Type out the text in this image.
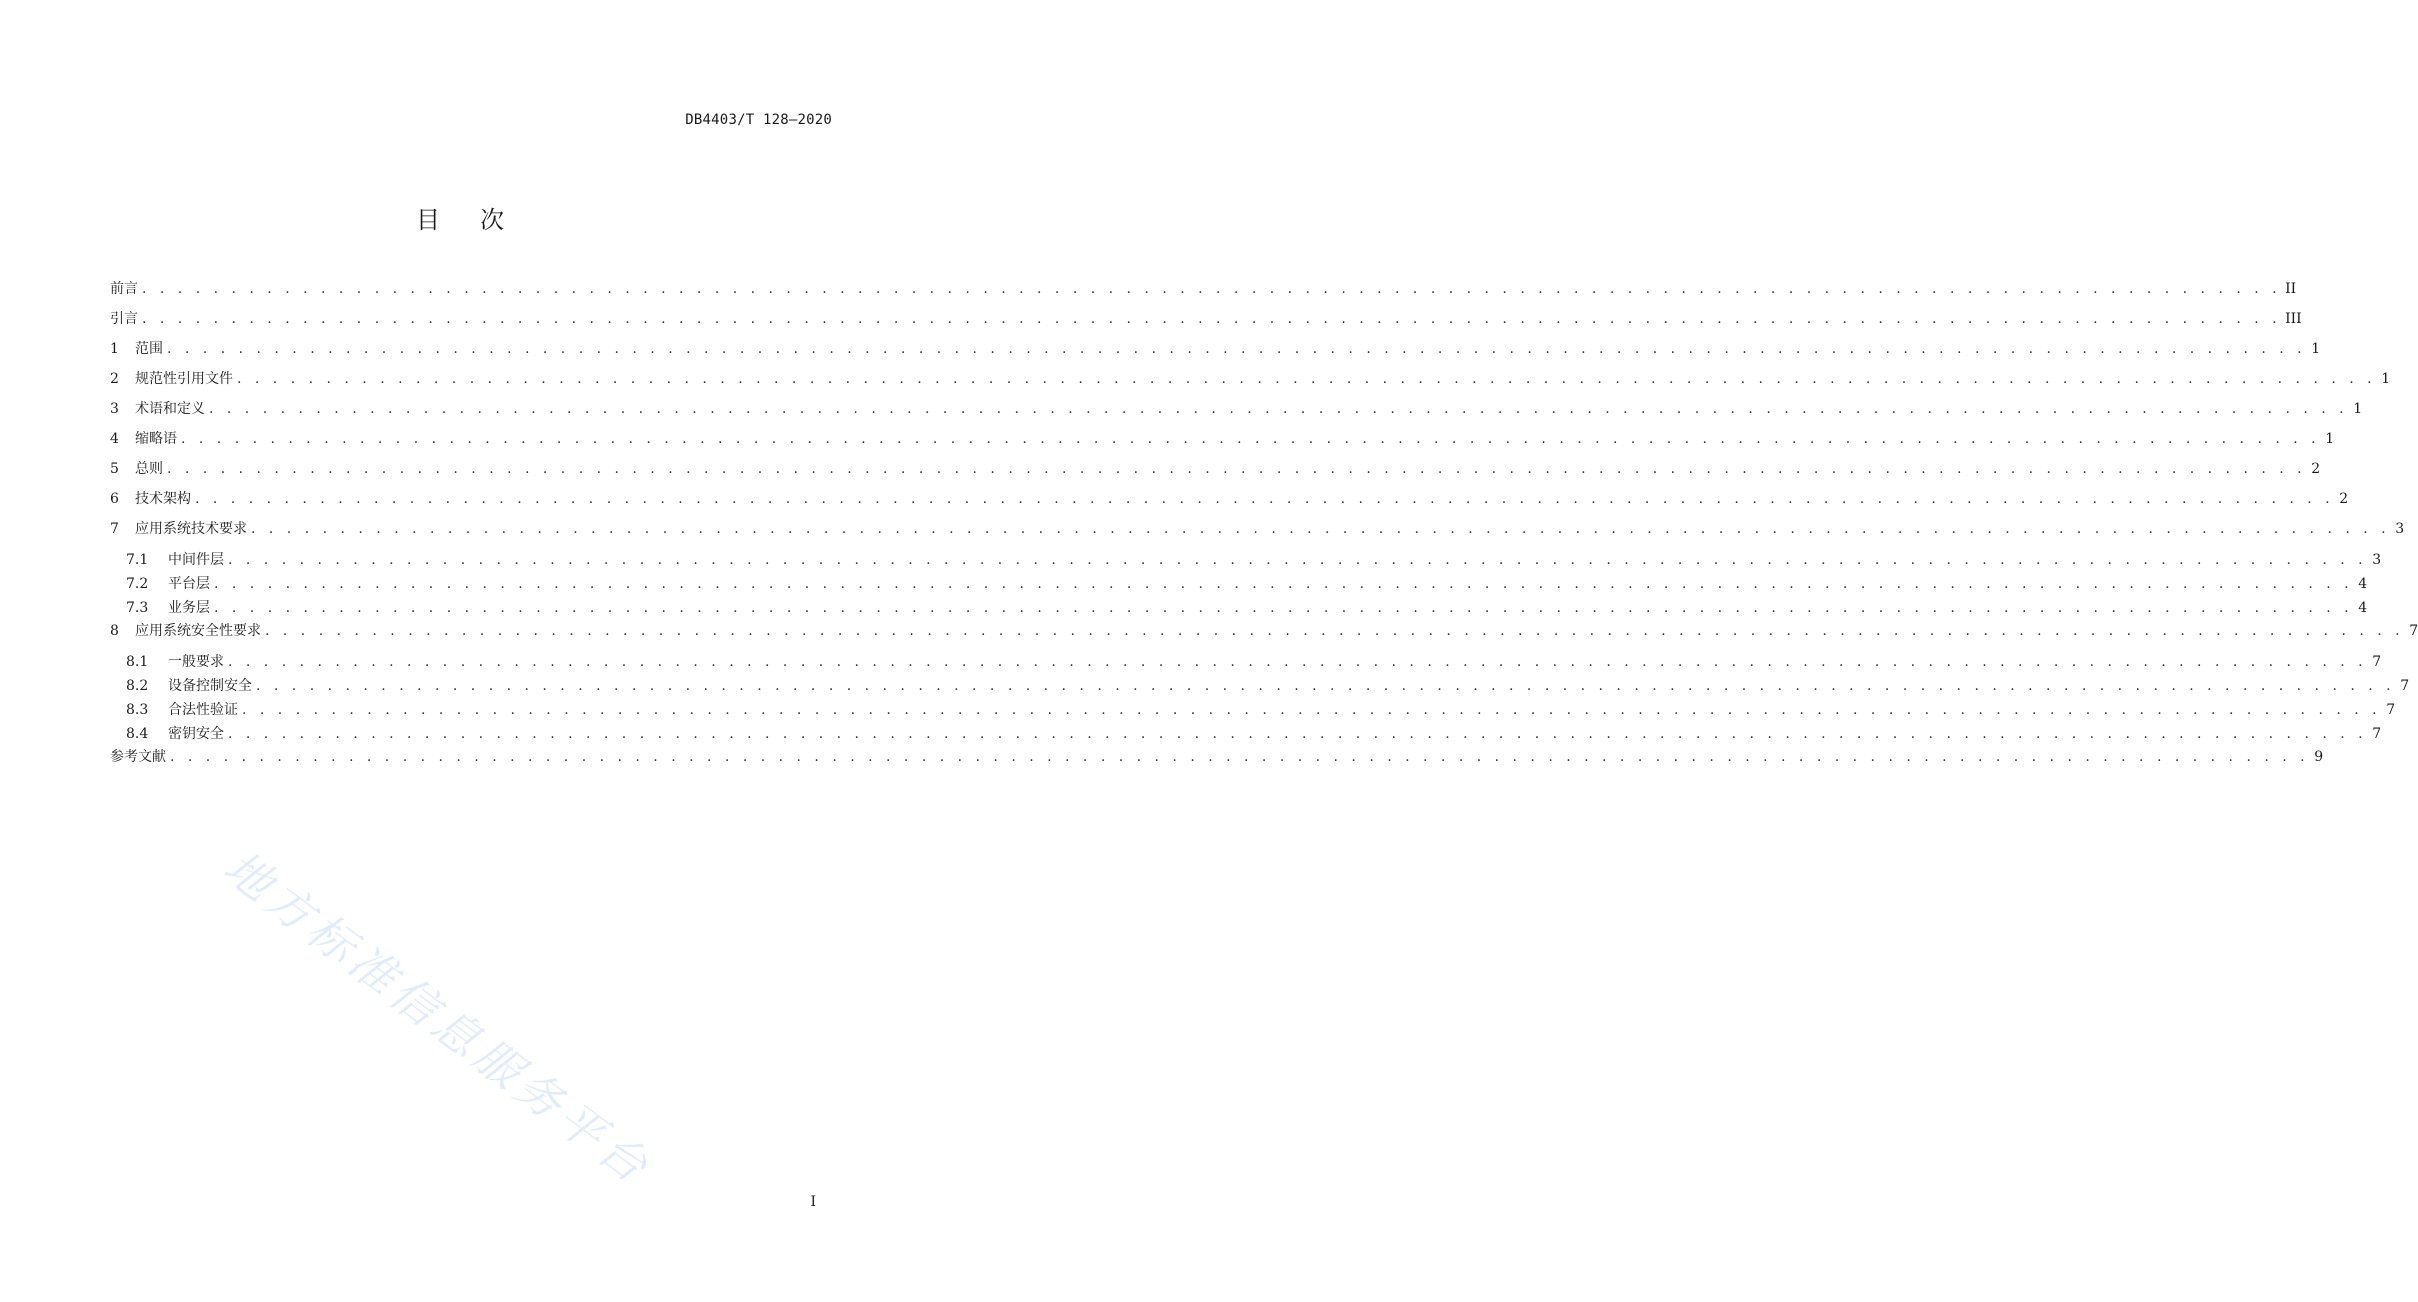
DB4403/T 128—2020
目次
前言 . . . . . . . . . . . . . . . . . . . . . . . . . . . . . . . . . . . . . . . . . . . . . . . . . . . . . . . . . . . . . . . . . . . . . . . . . . . . . . . . . . . . . . . . . . . . . . . . . . . . . . . . . . . . . . . . . . . . . . . . II
引言 . . . . . . . . . . . . . . . . . . . . . . . . . . . . . . . . . . . . . . . . . . . . . . . . . . . . . . . . . . . . . . . . . . . . . . . . . . . . . . . . . . . . . . . . . . . . . . . . . . . . . . . . . . . . . . . . . . . . . . . . III
1	范围 . . . . . . . . . . . . . . . . . . . . . . . . . . . . . . . . . . . . . . . . . . . . . . . . . . . . . . . . . . . . . . . . . . . . . . . . . . . . . . . . . . . . . . . . . . . . . . . . . . . . . . . . . . . . . . . . . . . . . . . . 1
2	规范性引用文件 . . . . . . . . . . . . . . . . . . . . . . . . . . . . . . . . . . . . . . . . . . . . . . . . . . . . . . . . . . . . . . . . . . . . . . . . . . . . . . . . . . . . . . . . . . . . . . . . . . . . . . . . . . . . . . . . . . . . . . . . 1
3	术语和定义 . . . . . . . . . . . . . . . . . . . . . . . . . . . . . . . . . . . . . . . . . . . . . . . . . . . . . . . . . . . . . . . . . . . . . . . . . . . . . . . . . . . . . . . . . . . . . . . . . . . . . . . . . . . . . . . . . . . . . . . . 1
4	缩略语 . . . . . . . . . . . . . . . . . . . . . . . . . . . . . . . . . . . . . . . . . . . . . . . . . . . . . . . . . . . . . . . . . . . . . . . . . . . . . . . . . . . . . . . . . . . . . . . . . . . . . . . . . . . . . . . . . . . . . . . . 1
5	总则 . . . . . . . . . . . . . . . . . . . . . . . . . . . . . . . . . . . . . . . . . . . . . . . . . . . . . . . . . . . . . . . . . . . . . . . . . . . . . . . . . . . . . . . . . . . . . . . . . . . . . . . . . . . . . . . . . . . . . . . . 2
6	技术架构 . . . . . . . . . . . . . . . . . . . . . . . . . . . . . . . . . . . . . . . . . . . . . . . . . . . . . . . . . . . . . . . . . . . . . . . . . . . . . . . . . . . . . . . . . . . . . . . . . . . . . . . . . . . . . . . . . . . . . . . . 2
7	应用系统技术要求 . . . . . . . . . . . . . . . . . . . . . . . . . . . . . . . . . . . . . . . . . . . . . . . . . . . . . . . . . . . . . . . . . . . . . . . . . . . . . . . . . . . . . . . . . . . . . . . . . . . . . . . . . . . . . . . . . . . . . . . . 3
7.1	中间件层 . . . . . . . . . . . . . . . . . . . . . . . . . . . . . . . . . . . . . . . . . . . . . . . . . . . . . . . . . . . . . . . . . . . . . . . . . . . . . . . . . . . . . . . . . . . . . . . . . . . . . . . . . . . . . . . . . . . . . . . . 3
7.2	平台层 . . . . . . . . . . . . . . . . . . . . . . . . . . . . . . . . . . . . . . . . . . . . . . . . . . . . . . . . . . . . . . . . . . . . . . . . . . . . . . . . . . . . . . . . . . . . . . . . . . . . . . . . . . . . . . . . . . . . . . . . 4
7.3	业务层 . . . . . . . . . . . . . . . . . . . . . . . . . . . . . . . . . . . . . . . . . . . . . . . . . . . . . . . . . . . . . . . . . . . . . . . . . . . . . . . . . . . . . . . . . . . . . . . . . . . . . . . . . . . . . . . . . . . . . . . . 4
8	应用系统安全性要求 . . . . . . . . . . . . . . . . . . . . . . . . . . . . . . . . . . . . . . . . . . . . . . . . . . . . . . . . . . . . . . . . . . . . . . . . . . . . . . . . . . . . . . . . . . . . . . . . . . . . . . . . . . . . . . . . . . . . . . . . 7
8.1	一般要求 . . . . . . . . . . . . . . . . . . . . . . . . . . . . . . . . . . . . . . . . . . . . . . . . . . . . . . . . . . . . . . . . . . . . . . . . . . . . . . . . . . . . . . . . . . . . . . . . . . . . . . . . . . . . . . . . . . . . . . . . 7
8.2	设备控制安全 . . . . . . . . . . . . . . . . . . . . . . . . . . . . . . . . . . . . . . . . . . . . . . . . . . . . . . . . . . . . . . . . . . . . . . . . . . . . . . . . . . . . . . . . . . . . . . . . . . . . . . . . . . . . . . . . . . . . . . . . 7
8.3	合法性验证 . . . . . . . . . . . . . . . . . . . . . . . . . . . . . . . . . . . . . . . . . . . . . . . . . . . . . . . . . . . . . . . . . . . . . . . . . . . . . . . . . . . . . . . . . . . . . . . . . . . . . . . . . . . . . . . . . . . . . . . . 7
8.4	密钥安全 . . . . . . . . . . . . . . . . . . . . . . . . . . . . . . . . . . . . . . . . . . . . . . . . . . . . . . . . . . . . . . . . . . . . . . . . . . . . . . . . . . . . . . . . . . . . . . . . . . . . . . . . . . . . . . . . . . . . . . . . 7
参考文献 . . . . . . . . . . . . . . . . . . . . . . . . . . . . . . . . . . . . . . . . . . . . . . . . . . . . . . . . . . . . . . . . . . . . . . . . . . . . . . . . . . . . . . . . . . . . . . . . . . . . . . . . . . . . . . . . . . . . . . . . 9
I
地方标准信息服务平台
